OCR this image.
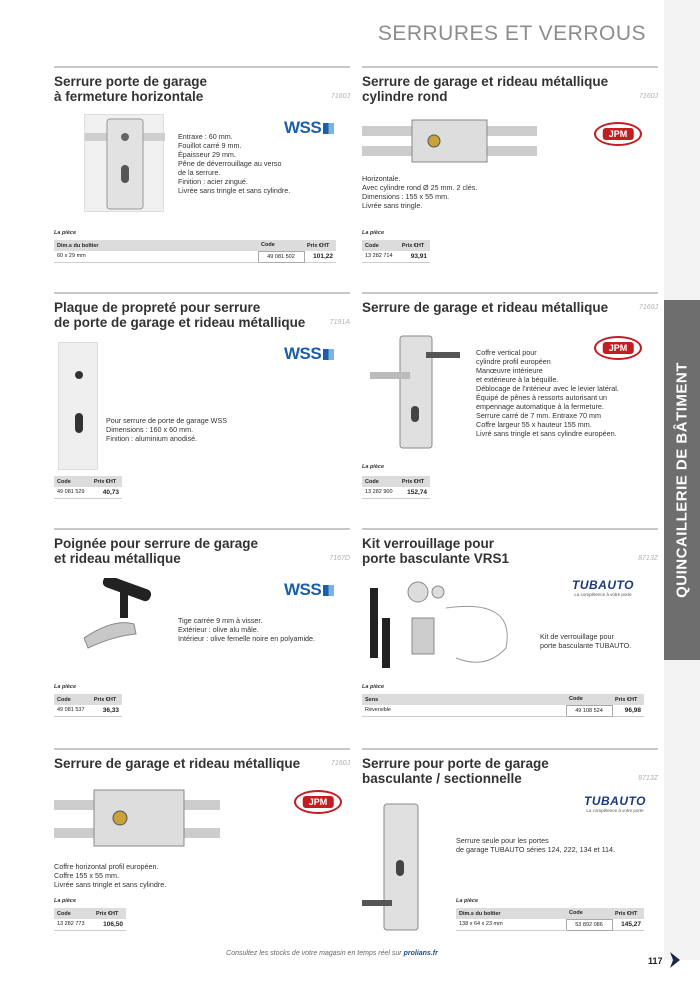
SERRURES ET VERROUS
QUINCAILLERIE DE BÂTIMENT
Serrure porte de garage
à fermeture horizontale	7160J
WSS
Entraxe : 60 mm.
Fouillot carré 9 mm.
Épaisseur 29 mm.
Pêne de déverrouillage au verso
de la serrure.
Finition : acier zingué.
Livrée sans tringle et sans cylindre.
La pièce
Dim.s du boîtier	Code	Prix €HT
60 x 29 mm	49 081 502	101,22
Serrure de garage et rideau métallique
cylindre rond	7160J
JPM
Horizontale.
Avec cylindre rond Ø 25 mm. 2 clés.
Dimensions : 155 x 55 mm.
Livrée sans tringle.
La pièce
Code	Prix €HT
13 282 714	93,91
Plaque de propreté pour serrure
de porte de garage et rideau métallique	7191A
WSS
Pour serrure de porte de garage WSS
Dimensions : 160 x 60 mm.
Finition : aluminium anodisé.
Code	Prix €HT
49 081 529	40,73
Serrure de garage et rideau métallique	7160J
JPM
Coffre vertical pour
cylindre profil européen
Manœuvre intérieure
et extérieure à la béquille.
Déblocage de l'intérieur avec le levier latéral.
Équipé de pênes à ressorts autorisant un
empennage automatique à la fermeture.
Serrure carré de 7 mm. Entraxe 70 mm
Coffre largeur 55 x hauteur 155 mm.
Livré sans tringle et sans cylindre européen.
La pièce
Code	Prix €HT
13 282 900	152,74
Poignée pour serrure de garage
et rideau métallique	7167D
WSS
Tige carrée 9 mm à visser.
Extérieur : olive alu mâle.
Intérieur : olive femelle noire en polyamide.
La pièce
Code	Prix €HT
49 081 537	36,33
Kit verrouillage pour
porte basculante VRS1	8713Z
TUBAUTO
La compétence à votre porte
Kit de verrouillage pour
porte basculante TUBAUTO.
La pièce
Sens	Code	Prix €HT
Réversible	49 108 524	96,98
Serrure de garage et rideau métallique	7160J
JPM
Coffre horizontal profil européen.
Coffre 155 x 55 mm.
Livrée sans tringle et sans cylindre.
La pièce
Code	Prix €HT
13 282 773	106,50
Serrure pour porte de garage
basculante / sectionnelle	8713Z
TUBAUTO
La compétence à votre porte
Serrure seule pour les portes
de garage TUBAUTO séries 124, 222, 134 et 114.
La pièce
Dim.s du boîtier	Code	Prix €HT
138 x 64 x 23 mm	53 892 086	145,27
Consultez les stocks de votre magasin en temps réel sur prolians.fr
117
